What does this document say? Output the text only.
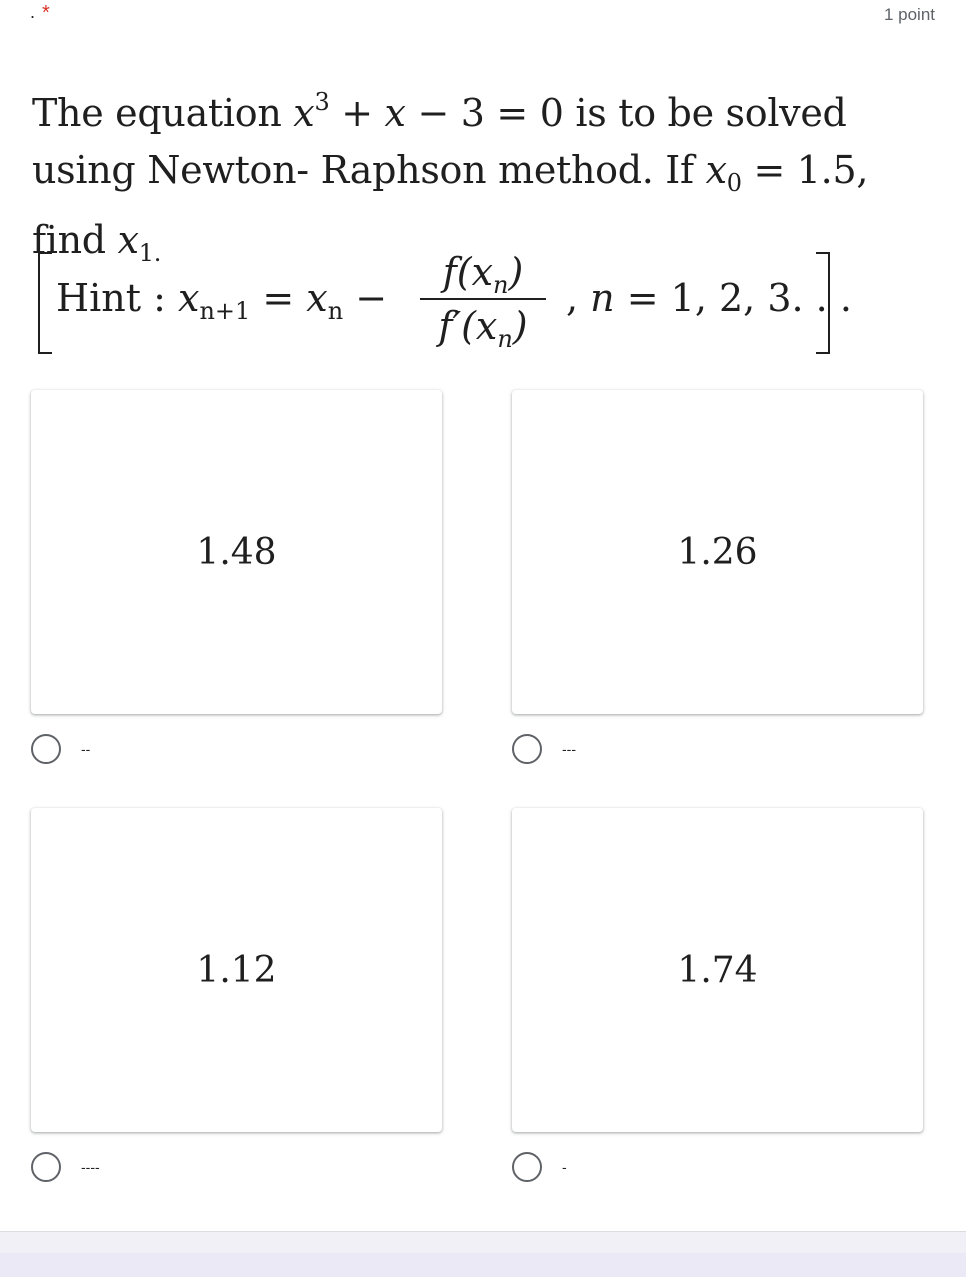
. *	1 point
The equation $x^3 + x - 3 = 0$ is to be solved
using Newton- Raphson method. If $x_0 = 1.5$,
find $x_{1.}$
Hint : $x_{n+1} = x_n$ −
$f(x_n)$
$f'(x_n)$
, n = 1, 2, 3. . .
1.48
--
1.26
---
1.12
----
1.74
-
